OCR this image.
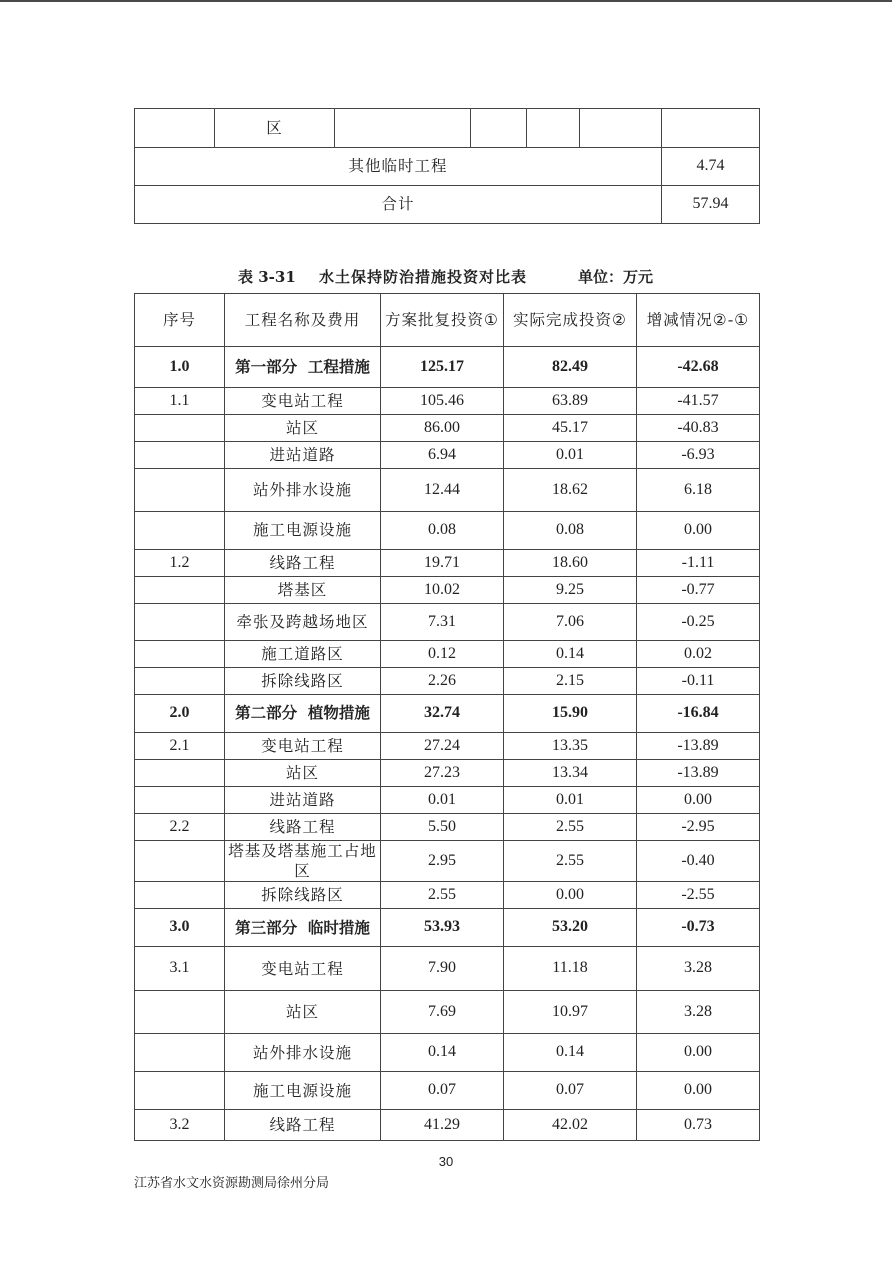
	区					
其他临时工程						4.74
合计						57.94
表 3-31 水土保持防治措施投资对比表	单位：万元
序号	工程名称及费用	方案批复投资①	实际完成投资②	增减情况②-①
1.0	第一部分  工程措施	125.17	82.49	-42.68
1.1	变电站工程	105.46	63.89	-41.57
	站区	86.00	45.17	-40.83
	进站道路	6.94	0.01	-6.93
	站外排水设施	12.44	18.62	6.18
	施工电源设施	0.08	0.08	0.00
1.2	线路工程	19.71	18.60	-1.11
	塔基区	10.02	9.25	-0.77
	牵张及跨越场地区	7.31	7.06	-0.25
	施工道路区	0.12	0.14	0.02
	拆除线路区	2.26	2.15	-0.11
2.0	第二部分  植物措施	32.74	15.90	-16.84
2.1	变电站工程	27.24	13.35	-13.89
	站区	27.23	13.34	-13.89
	进站道路	0.01	0.01	0.00
2.2	线路工程	5.50	2.55	-2.95
	塔基及塔基施工占地区	2.95	2.55	-0.40
	拆除线路区	2.55	0.00	-2.55
3.0	第三部分  临时措施	53.93	53.20	-0.73
3.1	变电站工程	7.90	11.18	3.28
	站区	7.69	10.97	3.28
	站外排水设施	0.14	0.14	0.00
	施工电源设施	0.07	0.07	0.00
3.2	线路工程	41.29	42.02	0.73
30
江苏省水文水资源勘测局徐州分局
